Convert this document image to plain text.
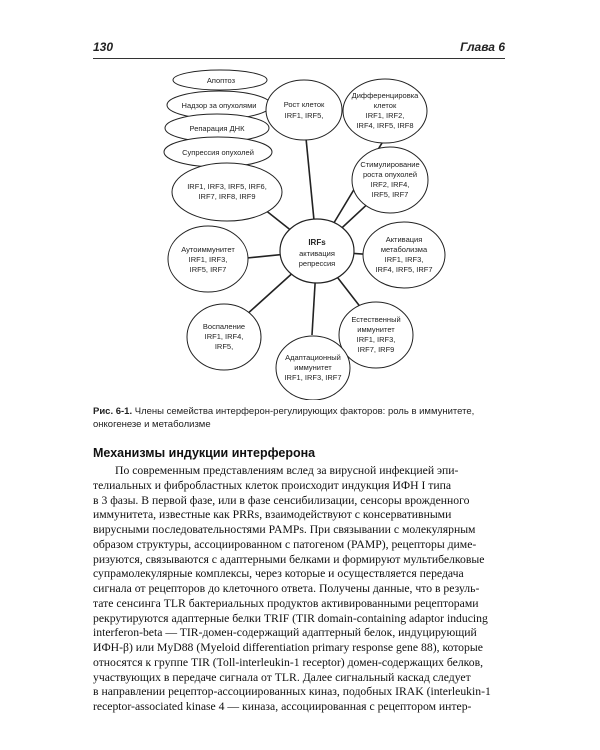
130	Глава 6
Апоптоз
Надзор за опухолями
Репарация ДНК
Супрессия опухолей
IRF1, IRF3, IRF5, IRF6,
IRF7, IRF8, IRF9
IRFs
активация
репрессия
Рост клеток
IRF1, IRF5,
Дифференцировка
клеток
IRF1, IRF2,
IRF4, IRF5, IRF8
Стимулирование
роста опухолей
IRF2, IRF4,
IRF5, IRF7
Активация
метаболизма
IRF1, IRF3,
IRF4, IRF5, IRF7
Естественный
иммунитет
IRF1, IRF3,
IRF7, IRF9
Адаптационный
иммунитет
IRF1, IRF3, IRF7
Воспаление
IRF1, IRF4,
IRF5,
Аутоиммунитет
IRF1, IRF3,
IRF5, IRF7
Рис. 6-1. Члены семейства интерферон-регулирующих факторов: роль в иммунитете, онкогенезе и метаболизме
Механизмы индукции интерферона
По современным представлениям вслед за вирусной инфекцией эпи-
телиальных и фибробластных клеток происходит индукция ИФН I типа
в 3 фазы. В первой фазе, или в фазе сенсибилизации, сенсоры врожденного
иммунитета, известные как PRRs, взаимодействуют с консервативными
вирусными последовательностями PAMPs. При связывании с молекулярным
образом структуры, ассоциированном с патогеном (PAMP), рецепторы диме-
ризуются, связываются с адаптерными белками и формируют мультибелковые
супрамолекулярные комплексы, через которые и осуществляется передача
сигнала от рецепторов до клеточного ответа. Получены данные, что в резуль-
тате сенсинга TLR бактериальных продуктов активированными рецепторами
рекрутируются адаптерные белки TRIF (TIR domain-containing adaptor inducing
interferon-beta — TIR-домен-содержащий адаптерный белок, индуцирующий
ИФН-β) или MyD88 (Myeloid differentiation primary response gene 88), которые
относятся к группе TIR (Toll-interleukin-1 receptor) домен-содержащих белков,
участвующих в передаче сигнала от TLR. Далее сигнальный каскад следует
в направлении рецептор-ассоциированных киназ, подобных IRAK (interleukin-1
receptor-associated kinase 4 — киназа, ассоциированная с рецептором интер-
